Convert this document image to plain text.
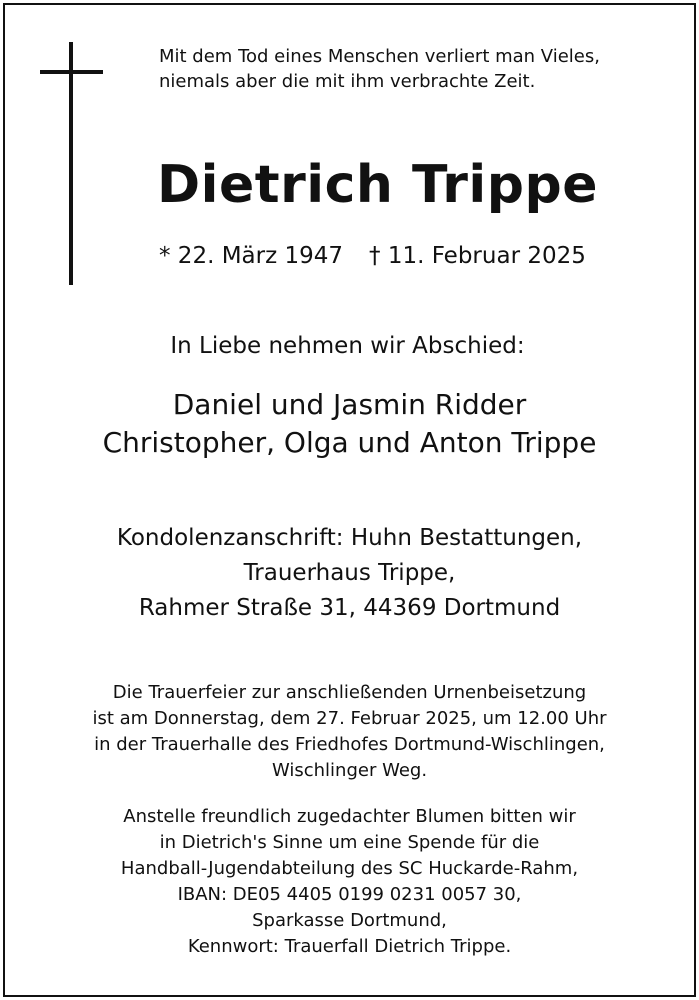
Mit dem Tod eines Menschen verliert man Vieles,
niemals aber die mit ihm verbrachte Zeit.
Dietrich Trippe
* 22. März 1947 † 11. Februar 2025
In Liebe nehmen wir Abschied:
Daniel und Jasmin Ridder
Christopher, Olga und Anton Trippe
Kondolenzanschrift: Huhn Bestattungen,
Trauerhaus Trippe,
Rahmer Straße 31, 44369 Dortmund
Die Trauerfeier zur anschließenden Urnenbeisetzung
ist am Donnerstag, dem 27. Februar 2025, um 12.00 Uhr
in der Trauerhalle des Friedhofes Dortmund-Wischlingen,
Wischlinger Weg.
Anstelle freundlich zugedachter Blumen bitten wir
in Dietrich's Sinne um eine Spende für die
Handball-Jugendabteilung des SC Huckarde-Rahm,
IBAN: DE05 4405 0199 0231 0057 30,
Sparkasse Dortmund,
Kennwort: Trauerfall Dietrich Trippe.
